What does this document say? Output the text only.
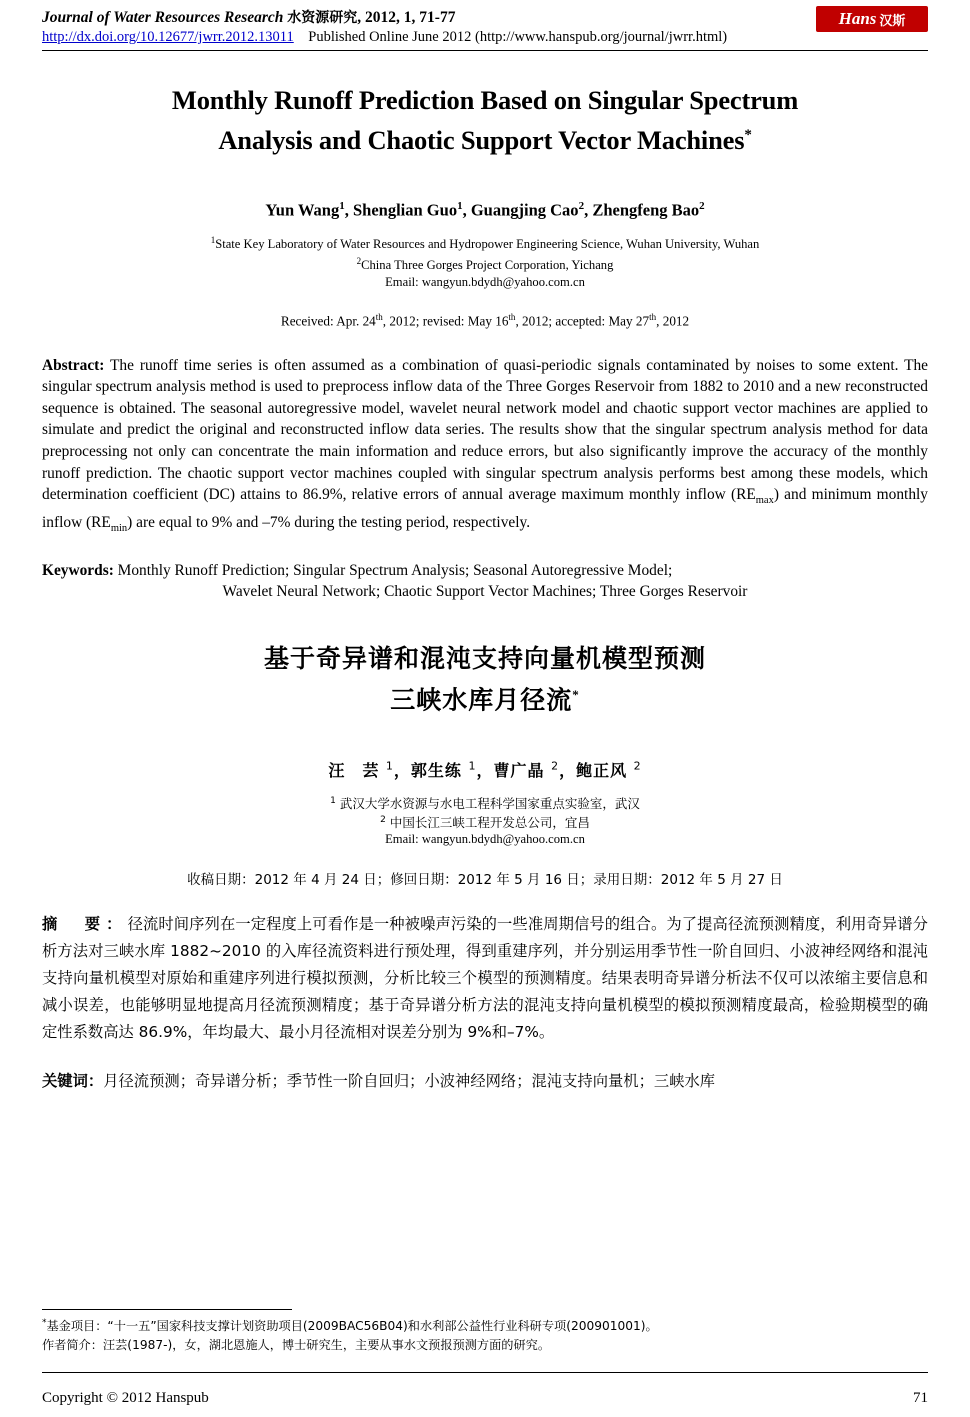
Journal of Water Resources Research 水资源研究, 2012, 1, 71-77
http://dx.doi.org/10.12677/jwrr.2012.13011 Published Online June 2012 (http://www.hanspub.org/journal/jwrr.html)
Hans 汉斯
Monthly Runoff Prediction Based on Singular Spectrum
Analysis and Chaotic Support Vector Machines*
Yun Wang$^1$, Shenglian Guo$^1$, Guangjing Cao$^2$, Zhengfeng Bao$^2$
$^1$State Key Laboratory of Water Resources and Hydropower Engineering Science, Wuhan University, Wuhan
$^2$China Three Gorges Project Corporation, Yichang
Email: wangyun.bdydh@yahoo.com.cn
Received: Apr. 24th, 2012; revised: May 16th, 2012; accepted: May 27th, 2012
Abstract: The runoff time series is often assumed as a combination of quasi-periodic signals contaminated by noises to some extent. The singular spectrum analysis method is used to preprocess inflow data of the Three Gorges Reservoir from 1882 to 2010 and a new reconstructed sequence is obtained. The seasonal autoregressive model, wavelet neural network model and chaotic support vector machines are applied to simulate and predict the original and reconstructed inflow data series. The results show that the singular spectrum analysis method for data preprocessing not only can concentrate the main information and reduce errors, but also significantly improve the accuracy of the monthly runoff prediction. The chaotic support vector machines coupled with singular spectrum analysis performs best among these models, which determination coefficient (DC) attains to 86.9%, relative errors of annual average maximum monthly inflow $(RE_{max})$ and minimum monthly inflow $(RE_{min})$ are equal to 9% and –7% during the testing period, respectively.
Keywords: Monthly Runoff Prediction; Singular Spectrum Analysis; Seasonal Autoregressive Model;
Wavelet Neural Network; Chaotic Support Vector Machines; Three Gorges Reservoir
基于奇异谱和混沌支持向量机模型预测
三峡水库月径流*
汪　芸 $^1$，郭生练 $^1$，曹广晶 $^2$，鲍正风 $^2$
$^1$ 武汉大学水资源与水电工程科学国家重点实验室，武汉
$^2$ 中国长江三峡工程开发总公司，宜昌
Email: wangyun.bdydh@yahoo.com.cn
收稿日期：2012 年 4 月 24 日；修回日期：2012 年 5 月 16 日；录用日期：2012 年 5 月 27 日
摘　要：径流时间序列在一定程度上可看作是一种被噪声污染的一些准周期信号的组合。为了提高径流预测精度，利用奇异谱分析方法对三峡水库 1882~2010 的入库径流资料进行预处理，得到重建序列，并分别运用季节性一阶自回归、小波神经网络和混沌支持向量机模型对原始和重建序列进行模拟预测，分析比较三个模型的预测精度。结果表明奇异谱分析法不仅可以浓缩主要信息和减小误差，也能够明显地提高月径流预测精度；基于奇异谱分析方法的混沌支持向量机模型的模拟预测精度最高，检验期模型的确定性系数高达 86.9%，年均最大、最小月径流相对误差分别为 9%和–7%。
关键词：月径流预测；奇异谱分析；季节性一阶自回归；小波神经网络；混沌支持向量机；三峡水库
*基金项目：“十一五”国家科技支撑计划资助项目(2009BAC56B04)和水利部公益性行业科研专项(200901001)。
作者简介：汪芸(1987-)，女，湖北恩施人，博士研究生，主要从事水文预报预测方面的研究。
Copyright © 2012 Hanspub	71
